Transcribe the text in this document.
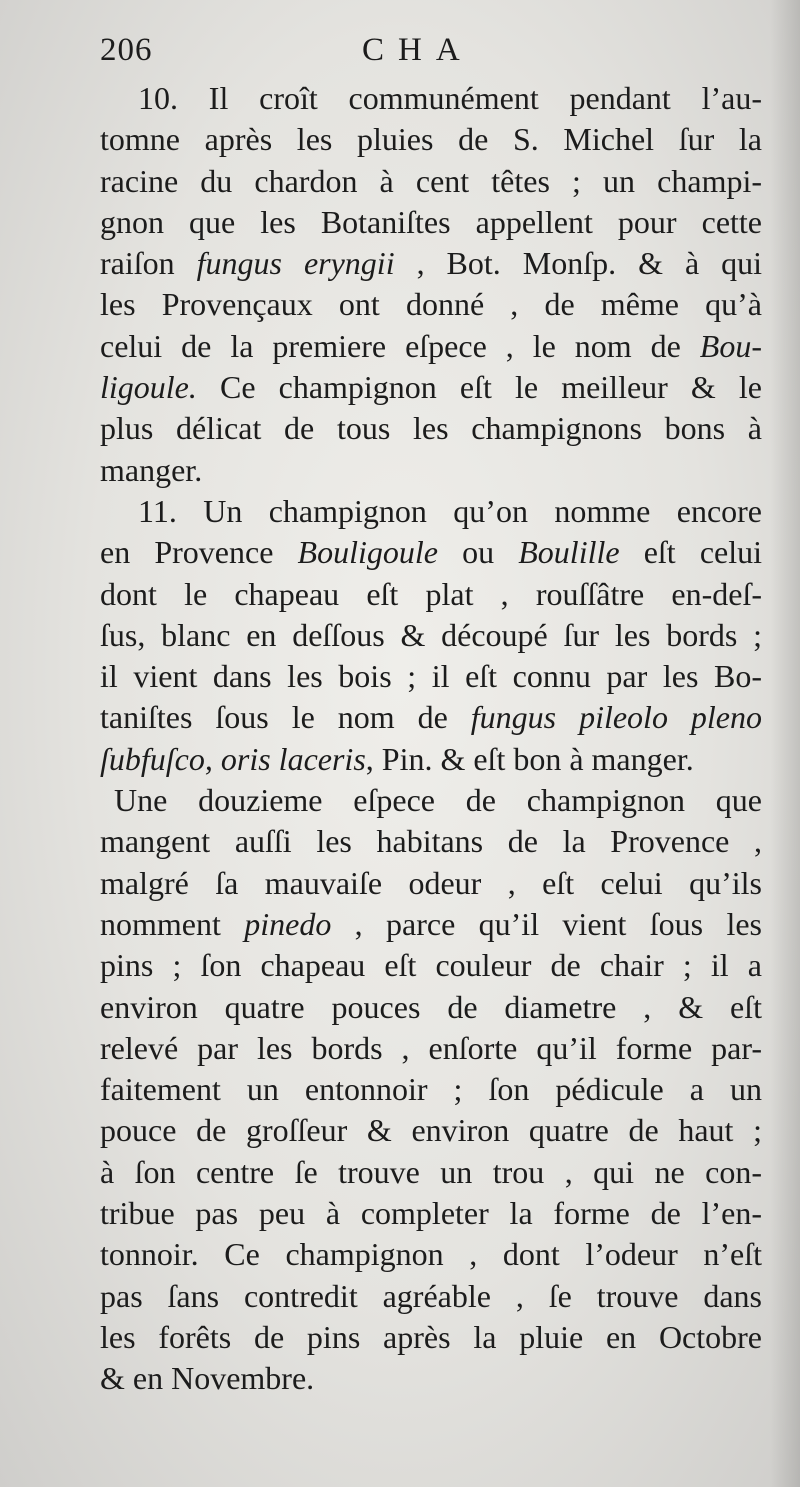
206	CHA
10. Il croît communément pendant l’au-
tomne après les pluies de S. Michel ſur la
racine du chardon à cent têtes ; un champi-
gnon que les Botaniſtes appellent pour cette
raiſon fungus eryngii , Bot. Monſp. & à qui
les Provençaux ont donné , de même qu’à
celui de la premiere eſpece , le nom de Bou-
ligoule. Ce champignon eſt le meilleur & le
plus délicat de tous les champignons bons à
manger.
11. Un champignon qu’on nomme encore
en Provence Bouligoule ou Boulille eſt celui
dont le chapeau eſt plat , rouſſâtre en-deſ-
ſus, blanc en deſſous & découpé ſur les bords ;
il vient dans les bois ; il eſt connu par les Bo-
taniſtes ſous le nom de fungus pileolo pleno
ſubfuſco, oris laceris, Pin. & eſt bon à manger.
Une douzieme eſpece de champignon que
mangent auſſi les habitans de la Provence ,
malgré ſa mauvaiſe odeur , eſt celui qu’ils
nomment pinedo , parce qu’il vient ſous les
pins ; ſon chapeau eſt couleur de chair ; il a
environ quatre pouces de diametre , & eſt
relevé par les bords , enſorte qu’il forme par-
faitement un entonnoir ; ſon pédicule a un
pouce de groſſeur & environ quatre de haut ;
à ſon centre ſe trouve un trou , qui ne con-
tribue pas peu à completer la forme de l’en-
tonnoir. Ce champignon , dont l’odeur n’eſt
pas ſans contredit agréable , ſe trouve dans
les forêts de pins après la pluie en Octobre
& en Novembre.
